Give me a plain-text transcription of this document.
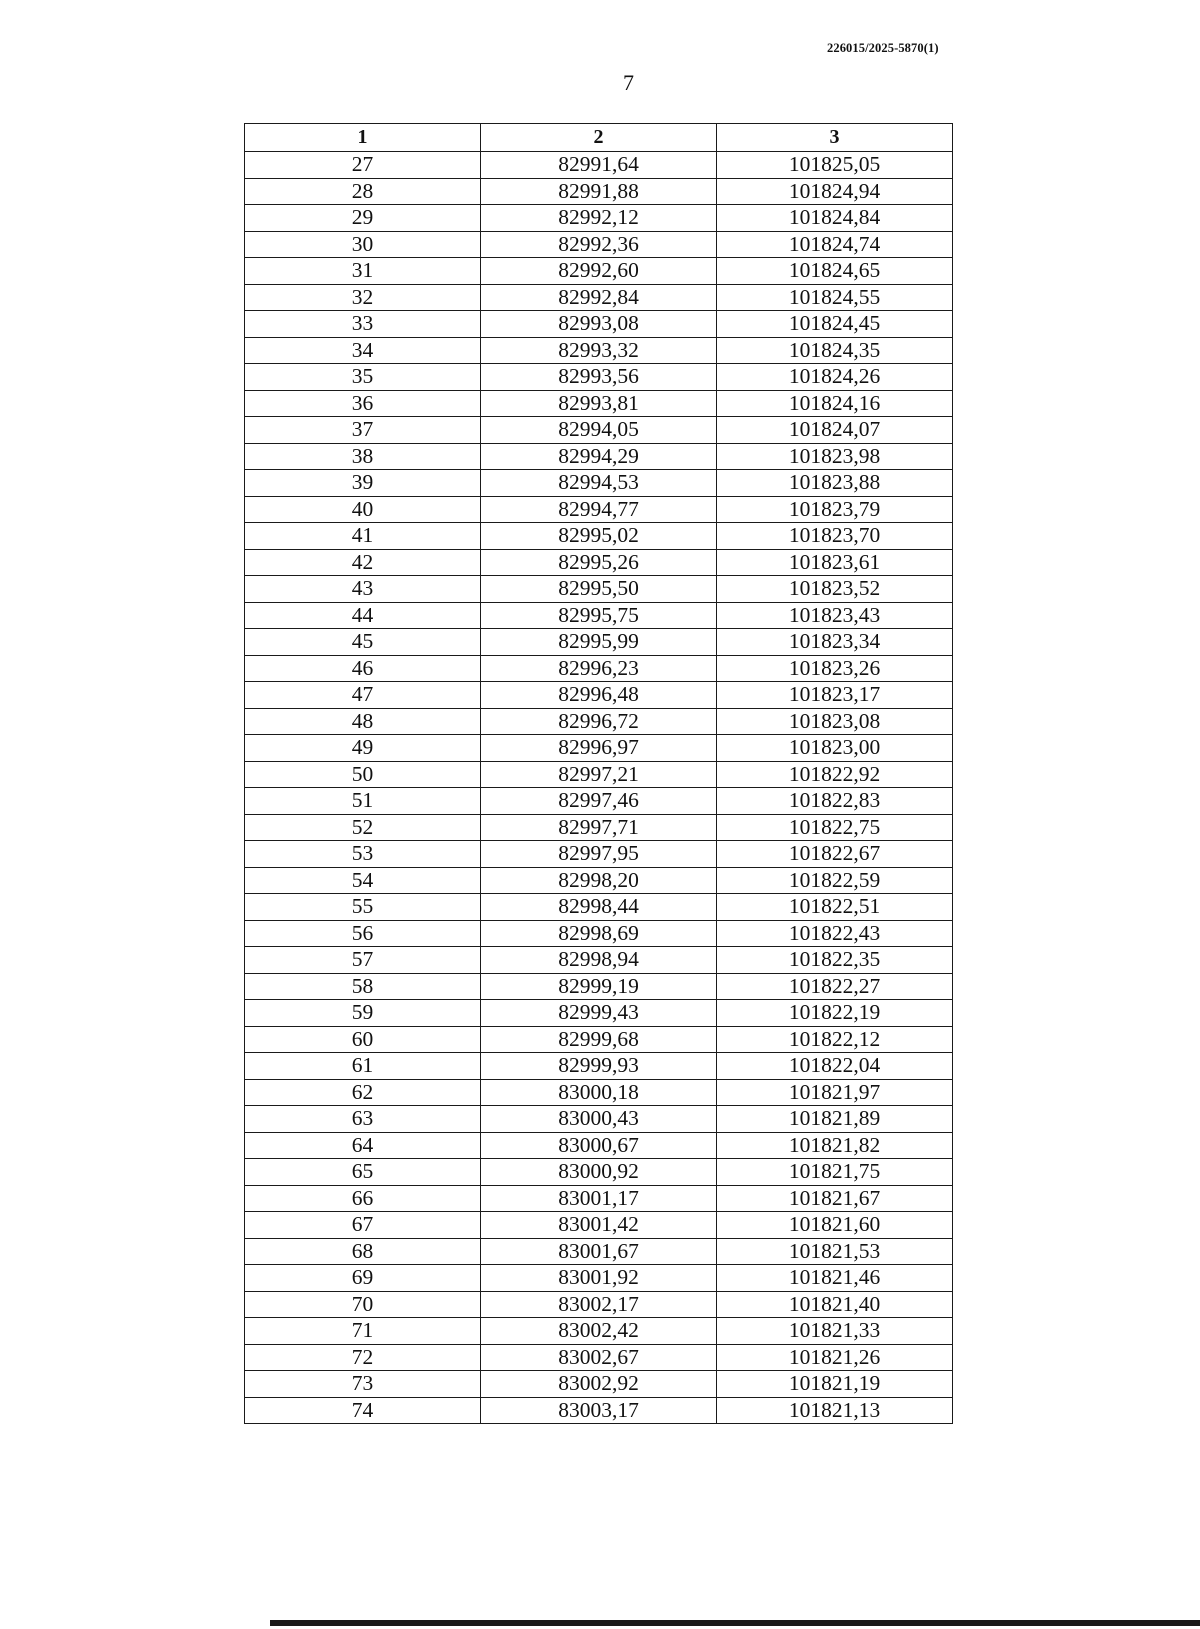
226015/2025-5870(1)
7
1	2	3
27	82991,64	101825,05
28	82991,88	101824,94
29	82992,12	101824,84
30	82992,36	101824,74
31	82992,60	101824,65
32	82992,84	101824,55
33	82993,08	101824,45
34	82993,32	101824,35
35	82993,56	101824,26
36	82993,81	101824,16
37	82994,05	101824,07
38	82994,29	101823,98
39	82994,53	101823,88
40	82994,77	101823,79
41	82995,02	101823,70
42	82995,26	101823,61
43	82995,50	101823,52
44	82995,75	101823,43
45	82995,99	101823,34
46	82996,23	101823,26
47	82996,48	101823,17
48	82996,72	101823,08
49	82996,97	101823,00
50	82997,21	101822,92
51	82997,46	101822,83
52	82997,71	101822,75
53	82997,95	101822,67
54	82998,20	101822,59
55	82998,44	101822,51
56	82998,69	101822,43
57	82998,94	101822,35
58	82999,19	101822,27
59	82999,43	101822,19
60	82999,68	101822,12
61	82999,93	101822,04
62	83000,18	101821,97
63	83000,43	101821,89
64	83000,67	101821,82
65	83000,92	101821,75
66	83001,17	101821,67
67	83001,42	101821,60
68	83001,67	101821,53
69	83001,92	101821,46
70	83002,17	101821,40
71	83002,42	101821,33
72	83002,67	101821,26
73	83002,92	101821,19
74	83003,17	101821,13
